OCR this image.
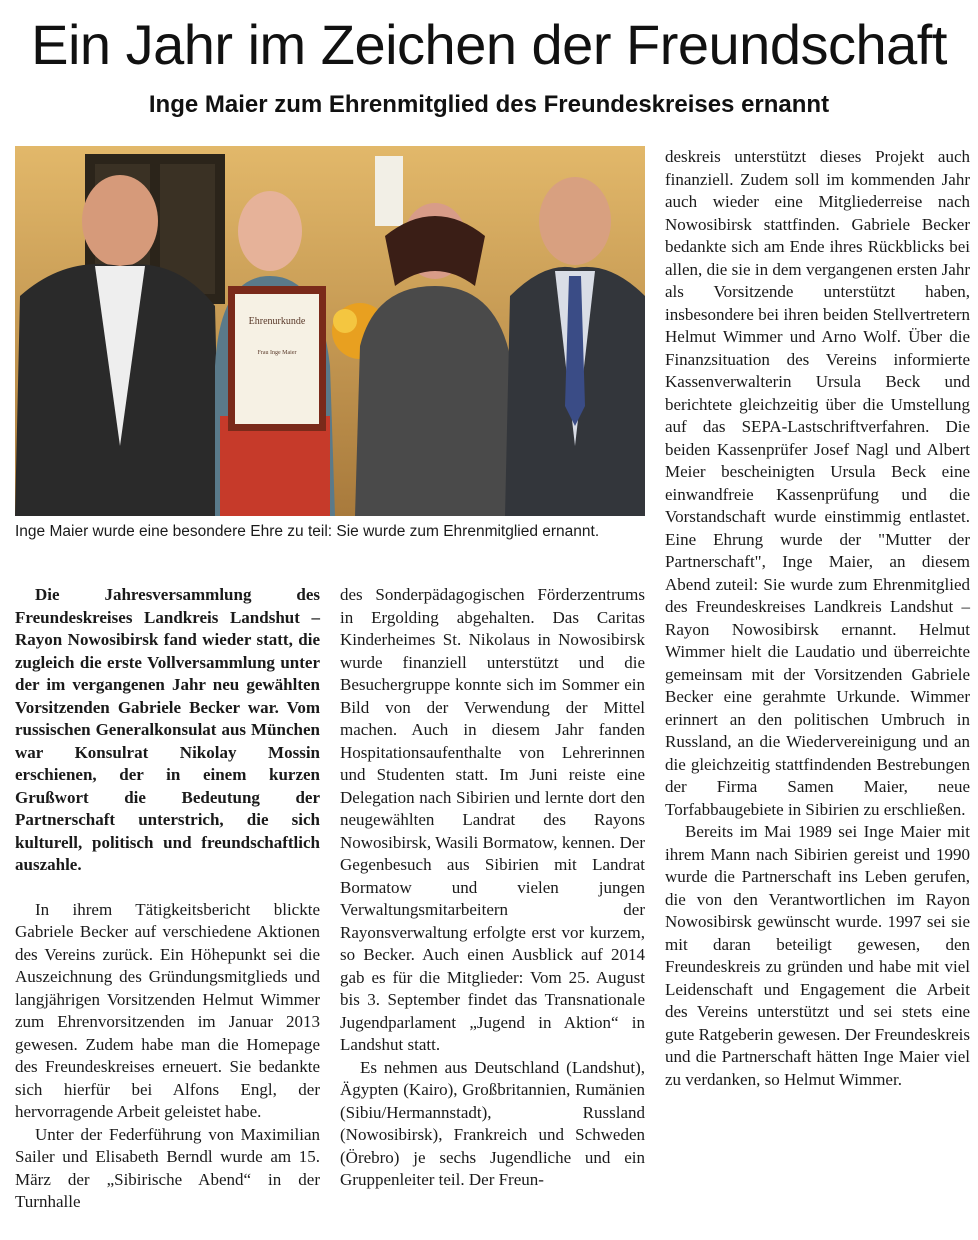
Ein Jahr im Zeichen der Freundschaft
Inge Maier zum Ehrenmitglied des Freundeskreises ernannt
Ehrenurkunde
Frau Inge Maier

Inge Maier wurde eine besondere Ehre zu teil: Sie wurde zum Ehrenmitglied ernannt.

Die Jahresversammlung des Freundeskreises Landkreis Landshut – Rayon Nowosibirsk fand wieder statt, die zugleich die erste Vollversammlung unter der im vergangenen Jahr neu gewählten Vorsitzenden Gabriele Becker war. Vom russischen Generalkonsulat aus München war Konsulrat Nikolay Mossin erschienen, der in einem kurzen Grußwort die Bedeutung der Partnerschaft unterstrich, die sich kulturell, politisch und freundschaftlich auszahle.

In ihrem Tätigkeitsbericht blickte Gabriele Becker auf verschiedene Aktionen des Vereins zurück. Ein Höhepunkt sei die Auszeichnung des Gründungsmitglieds und langjährigen Vorsitzenden Helmut Wimmer zum Ehrenvorsitzenden im Januar 2013 gewesen. Zudem habe man die Homepage des Freundeskreises erneuert. Sie bedankte sich hierfür bei Alfons Engl, der hervorragende Arbeit geleistet habe.

Unter der Federführung von Maximilian Sailer und Elisabeth Berndl wurde am 15. März der „Sibirische Abend“ in der Turnhalle

des Sonderpädagogischen Förderzentrums in Ergolding abgehalten. Das Caritas Kinderheimes St. Nikolaus in Nowosibirsk wurde finanziell unterstützt und die Besuchergruppe konnte sich im Sommer ein Bild von der Verwendung der Mittel machen. Auch in diesem Jahr fanden Hospitationsaufenthalte von Lehrerinnen und Studenten statt. Im Juni reiste eine Delegation nach Sibirien und lernte dort den neugewählten Landrat des Rayons Nowosibirsk, Wasili Bormatow, kennen. Der Gegenbesuch aus Sibirien mit Landrat Bormatow und vielen jungen Verwaltungsmitarbeitern der Rayonsverwaltung erfolgte erst vor kurzem, so Becker. Auch einen Ausblick auf 2014 gab es für die Mitglieder: Vom 25. August bis 3. September findet das Transnationale Jugendparlament „Jugend in Aktion“ in Landshut statt.

Es nehmen aus Deutschland (Landshut), Ägypten (Kairo), Großbritannien, Rumänien (Sibiu/Hermannstadt), Russland (Nowosibirsk), Frankreich und Schweden (Örebro) je sechs Jugendliche und ein Gruppenleiter teil. Der Freun-

deskreis unterstützt dieses Projekt auch finanziell. Zudem soll im kommenden Jahr auch wieder eine Mitgliederreise nach Nowosibirsk stattfinden. Gabriele Becker bedankte sich am Ende ihres Rückblicks bei allen, die sie in dem vergangenen ersten Jahr als Vorsitzende unterstützt haben, insbesondere bei ihren beiden Stellvertretern Helmut Wimmer und Arno Wolf. Über die Finanzsituation des Vereins informierte Kassenverwalterin Ursula Beck und berichtete gleichzeitig über die Umstellung auf das SEPA-Lastschriftverfahren. Die beiden Kassenprüfer Josef Nagl und Albert Meier bescheinigten Ursula Beck eine einwandfreie Kassenprüfung und die Vorstandschaft wurde einstimmig entlastet. Eine Ehrung wurde der "Mutter der Partnerschaft", Inge Maier, an diesem Abend zuteil: Sie wurde zum Ehrenmitglied des Freundeskreises Landkreis Landshut – Rayon Nowosibirsk ernannt. Helmut Wimmer hielt die Laudatio und überreichte gemeinsam mit der Vorsitzenden Gabriele Becker eine gerahmte Urkunde. Wimmer erinnert an den politischen Umbruch in Russland, an die Wiedervereinigung und an die gleichzeitig stattfindenden Bestrebungen der Firma Samen Maier, neue Torfabbaugebiete in Sibirien zu erschließen.

Bereits im Mai 1989 sei Inge Maier mit ihrem Mann nach Sibirien gereist und 1990 wurde die Partnerschaft ins Leben gerufen, die von den Verantwortlichen im Rayon Nowosibirsk gewünscht wurde. 1997 sei sie mit daran beteiligt gewesen, den Freundeskreis zu gründen und habe mit viel Leidenschaft und Engagement die Arbeit des Vereins unterstützt und sei stets eine gute Ratgeberin gewesen. Der Freundeskreis und die Partnerschaft hätten Inge Maier viel zu verdanken, so Helmut Wimmer.
